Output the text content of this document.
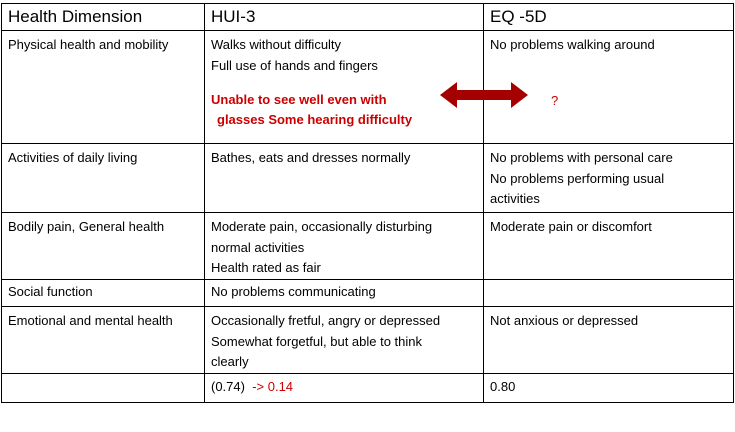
Health Dimension	HUI-3	EQ -5D
Physical health and mobility	Walks without difficulty
Full use of hands and fingers
Unable to see well even with
glasses Some hearing difficulty	No problems walking around

Activities of daily living	Bathes, eats and dresses normally	No problems with personal care
No problems performing usual
activities

Bodily pain, General health	Moderate pain, occasionally disturbing
normal activities
Health rated as fair	Moderate pain or discomfort

Social function	No problems communicating	

Emotional and mental health	Occasionally fretful, angry or depressed
Somewhat forgetful, but able to think
clearly	Not anxious or depressed

	(0.74) -> 0.14	0.80
?
